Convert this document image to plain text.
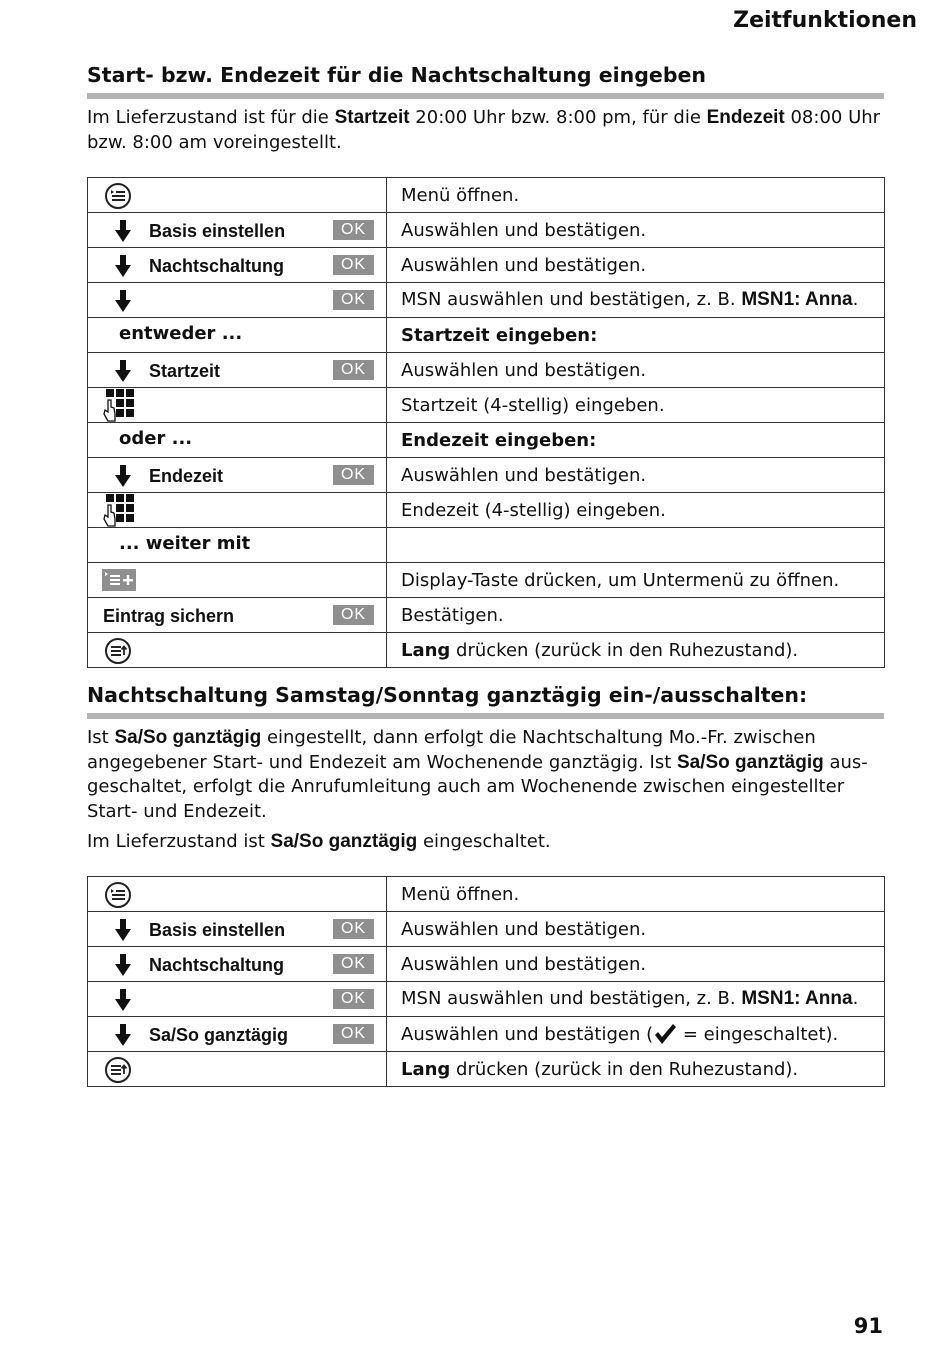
Zeitfunktionen
Start- bzw. Endezeit für die Nachtschaltung eingeben

Im Lieferzustand ist für die Startzeit 20:00 Uhr bzw. 8:00 pm, für die Endezeit 08:00 Uhr bzw. 8:00 am voreingestellt.

	Menü öffnen.

Basis einstellen OK	Auswählen und bestätigen.

Nachtschaltung OK	Auswählen und bestätigen.

OK	MSN auswählen und bestätigen, z. B. MSN1: Anna.

entweder ...	Startzeit eingeben:

Startzeit OK	Auswählen und bestätigen.

	Startzeit (4-stellig) eingeben.

oder ...	Endezeit eingeben:

Endezeit OK	Auswählen und bestätigen.

	Endezeit (4-stellig) eingeben.

... weiter mit	

	Display-Taste drücken, um Untermenü zu öffnen.

Eintrag sichern OK	Bestätigen.

	Lang drücken (zurück in den Ruhezustand).
Nachtschaltung Samstag/Sonntag ganztägig ein-/ausschalten:

Ist Sa/So ganztägig eingestellt, dann erfolgt die Nachtschaltung Mo.-Fr. zwischen angegebener Start- und Endezeit am Wochenende ganztägig. Ist Sa/So ganztägig aus- geschaltet, erfolgt die Anrufumleitung auch am Wochenende zwischen eingestellter Start- und Endezeit.

Im Lieferzustand ist Sa/So ganztägig eingeschaltet.

	Menü öffnen.

Basis einstellen OK	Auswählen und bestätigen.

Nachtschaltung OK	Auswählen und bestätigen.

OK	MSN auswählen und bestätigen, z. B. MSN1: Anna.

Sa/So ganztägig OK	Auswählen und bestätigen ( = eingeschaltet).

	Lang drücken (zurück in den Ruhezustand).
91
